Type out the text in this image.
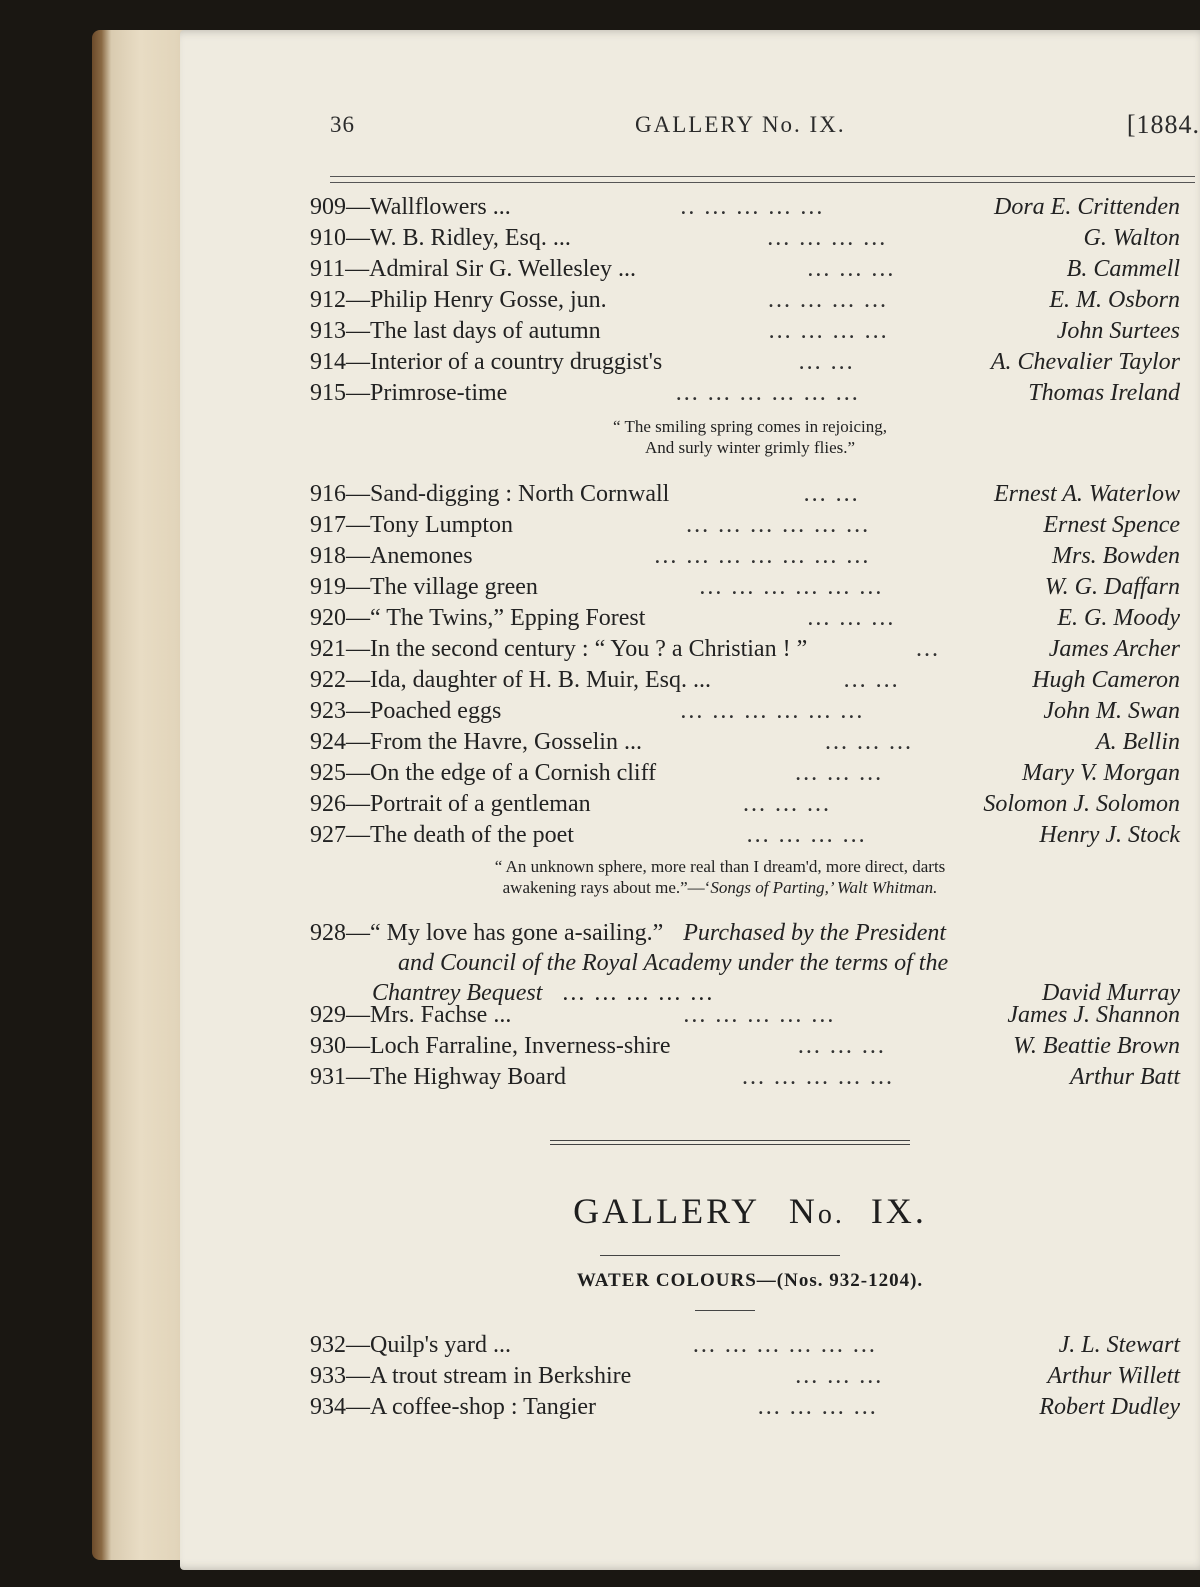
36	GALLERY No. IX.	[1884.
909—Wallflowers ...	.. ... ... ... ...	Dora E. Crittenden
910—W. B. Ridley, Esq. ...	... ... ... ...	G. Walton
911—Admiral Sir G. Wellesley ...	... ... ...	B. Cammell
912—Philip Henry Gosse, jun.	... ... ... ...	E. M. Osborn
913—The last days of autumn	... ... ... ...	John Surtees
914—Interior of a country druggist's	... ...	A. Chevalier Taylor
915—Primrose-time	... ... ... ... ... ...	Thomas Ireland
“ The smiling spring comes in rejoicing,
And surly winter grimly flies.”
916—Sand-digging : North Cornwall	... ...	Ernest A. Waterlow
917—Tony Lumpton	... ... ... ... ... ...	Ernest Spence
918—Anemones	... ... ... ... ... ... ...	Mrs. Bowden
919—The village green	... ... ... ... ... ...	W. G. Daffarn
920—“ The Twins,” Epping Forest	... ... ...	E. G. Moody
921—In the second century : “ You ? a Christian ! ”	...	James Archer
922—Ida, daughter of H. B. Muir, Esq. ...	... ...	Hugh Cameron
923—Poached eggs	... ... ... ... ... ...	John M. Swan
924—From the Havre, Gosselin ...	... ... ...	A. Bellin
925—On the edge of a Cornish cliff	... ... ...	Mary V. Morgan
926—Portrait of a gentleman	... ... ...	Solomon J. Solomon
927—The death of the poet	... ... ... ...	Henry J. Stock
“ An unknown sphere, more real than I dream'd, more direct, darts
awakening rays about me.”—‘Songs of Parting,’ Walt Whitman.
928—“ My love has gone a-sailing.” Purchased by the President
and Council of the Royal Academy under the terms of the
Chantrey Bequest ... ... ... ... ...	David Murray
929—Mrs. Fachse ...	... ... ... ... ...	James J. Shannon
930—Loch Farraline, Inverness-shire	... ... ...	W. Beattie Brown
931—The Highway Board	... ... ... ... ...	Arthur Batt
GALLERY No. IX.
WATER COLOURS—(Nos. 932-1204).
932—Quilp's yard ...	... ... ... ... ... ...	J. L. Stewart
933—A trout stream in Berkshire	... ... ...	Arthur Willett
934—A coffee-shop : Tangier	... ... ... ...	Robert Dudley
